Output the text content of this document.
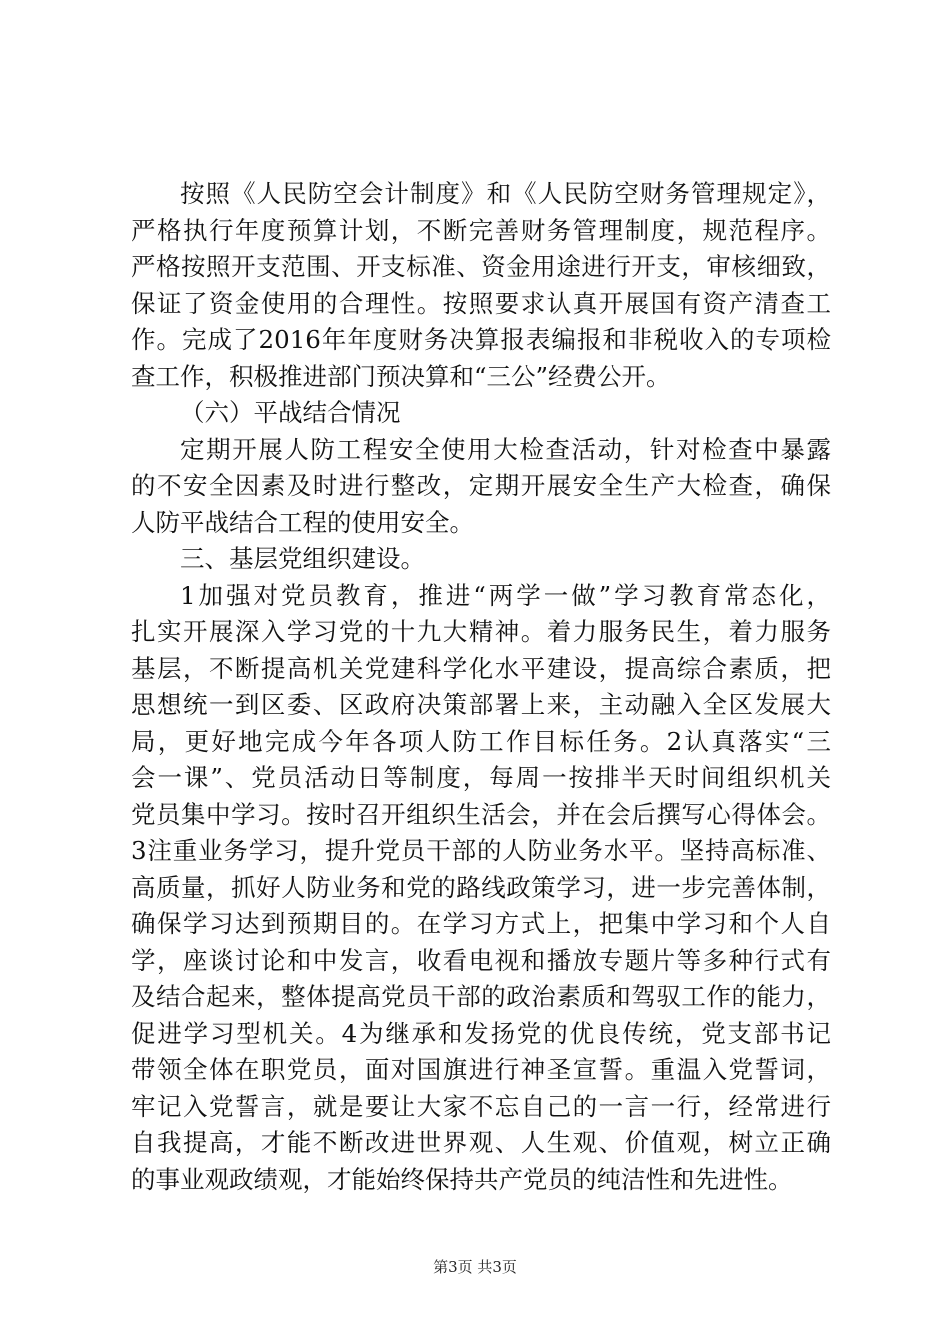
按照《人民防空会计制度》和《人民防空财务管理规定》，
严格执行年度预算计划，不断完善财务管理制度，规范程序。
严格按照开支范围、开支标准、资金用途进行开支，审核细致，
保证了资金使用的合理性。按照要求认真开展国有资产清查工
作。完成了2016年年度财务决算报表编报和非税收入的专项检
查工作，积极推进部门预决算和“三公”经费公开。
（六）平战结合情况
定期开展人防工程安全使用大检查活动，针对检查中暴露
的不安全因素及时进行整改，定期开展安全生产大检查，确保
人防平战结合工程的使用安全。
三、基层党组织建设。
1加强对党员教育，推进“两学一做”学习教育常态化，
扎实开展深入学习党的十九大精神。着力服务民生，着力服务
基层，不断提高机关党建科学化水平建设，提高综合素质，把
思想统一到区委、区政府决策部署上来，主动融入全区发展大
局，更好地完成今年各项人防工作目标任务。2认真落实“三
会一课”、党员活动日等制度，每周一按排半天时间组织机关
党员集中学习。按时召开组织生活会，并在会后撰写心得体会。
3注重业务学习，提升党员干部的人防业务水平。坚持高标准、
高质量，抓好人防业务和党的路线政策学习，进一步完善体制，
确保学习达到预期目的。在学习方式上，把集中学习和个人自
学，座谈讨论和中发言，收看电视和播放专题片等多种行式有
及结合起来，整体提高党员干部的政治素质和驾驭工作的能力，
促进学习型机关。4为继承和发扬党的优良传统，党支部书记
带领全体在职党员，面对国旗进行神圣宣誓。重温入党誓词，
牢记入党誓言，就是要让大家不忘自己的一言一行，经常进行
自我提高，才能不断改进世界观、人生观、价值观，树立正确
的事业观政绩观，才能始终保持共产党员的纯洁性和先进性。
第3页 共3页
